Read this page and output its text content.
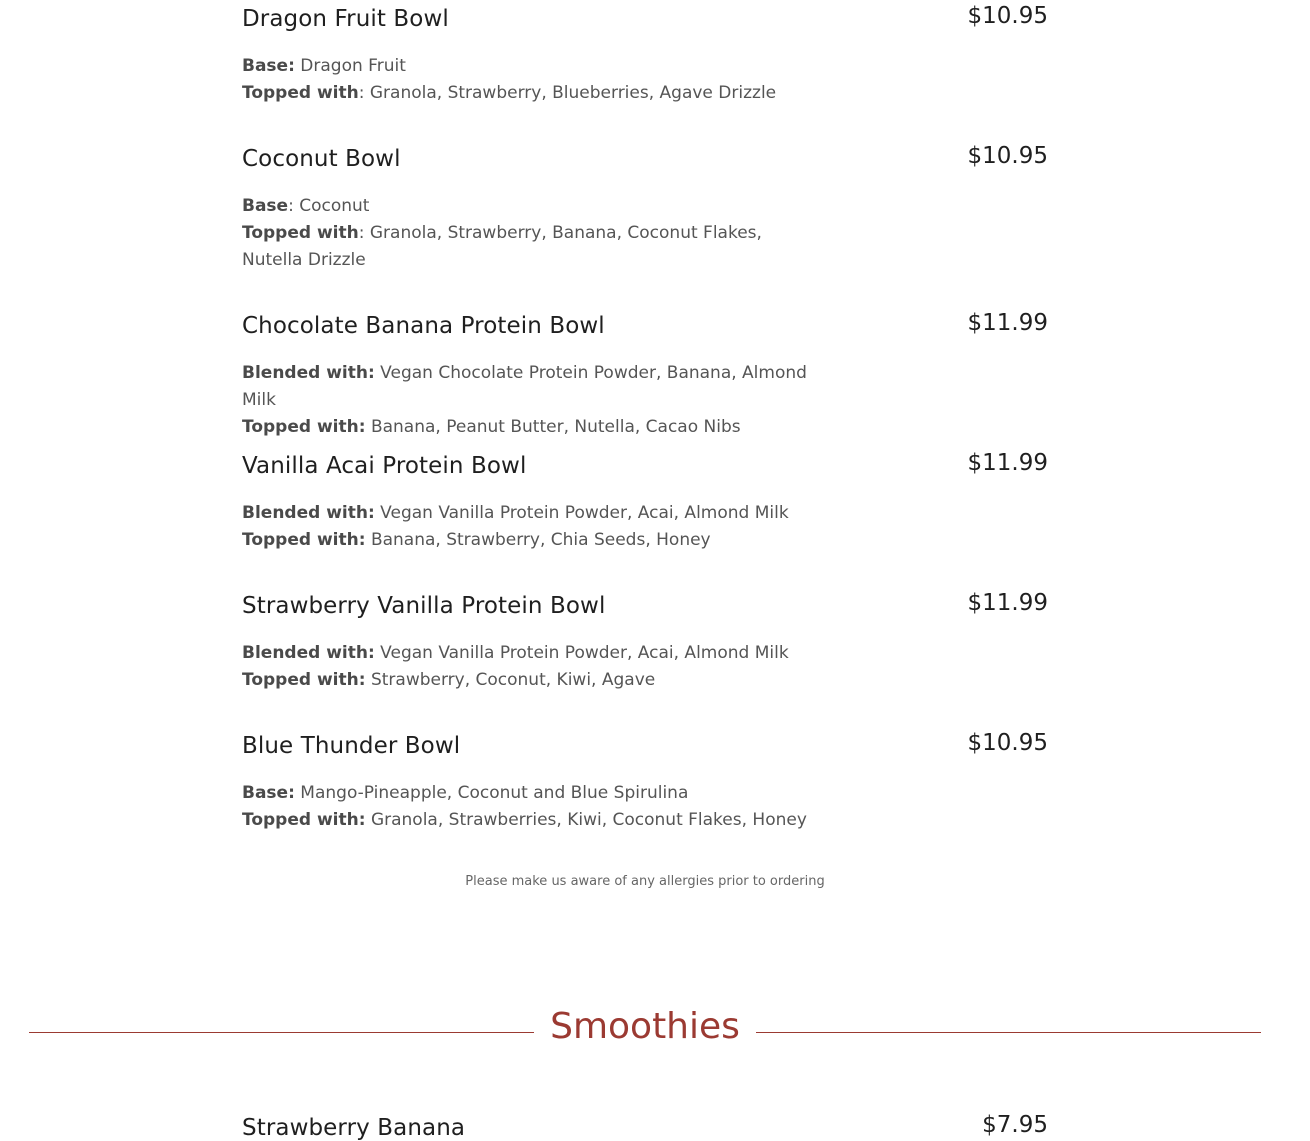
Dragon Fruit Bowl	$10.95
Base: Dragon Fruit
Topped with: Granola, Strawberry, Blueberries, Agave Drizzle
Coconut Bowl	$10.95
Base: Coconut
Topped with: Granola, Strawberry, Banana, Coconut Flakes, Nutella Drizzle
Chocolate Banana Protein Bowl	$11.99
Blended with: Vegan Chocolate Protein Powder, Banana, Almond Milk
Topped with: Banana, Peanut Butter, Nutella, Cacao Nibs
Vanilla Acai Protein Bowl	$11.99
Blended with: Vegan Vanilla Protein Powder, Acai, Almond Milk
Topped with: Banana, Strawberry, Chia Seeds, Honey
Strawberry Vanilla Protein Bowl	$11.99
Blended with: Vegan Vanilla Protein Powder, Acai, Almond Milk
Topped with: Strawberry, Coconut, Kiwi, Agave
Blue Thunder Bowl	$10.95
Base: Mango-Pineapple, Coconut and Blue Spirulina
Topped with: Granola, Strawberries, Kiwi, Coconut Flakes, Honey
Please make us aware of any allergies prior to ordering
Smoothies
Strawberry Banana	$7.95
